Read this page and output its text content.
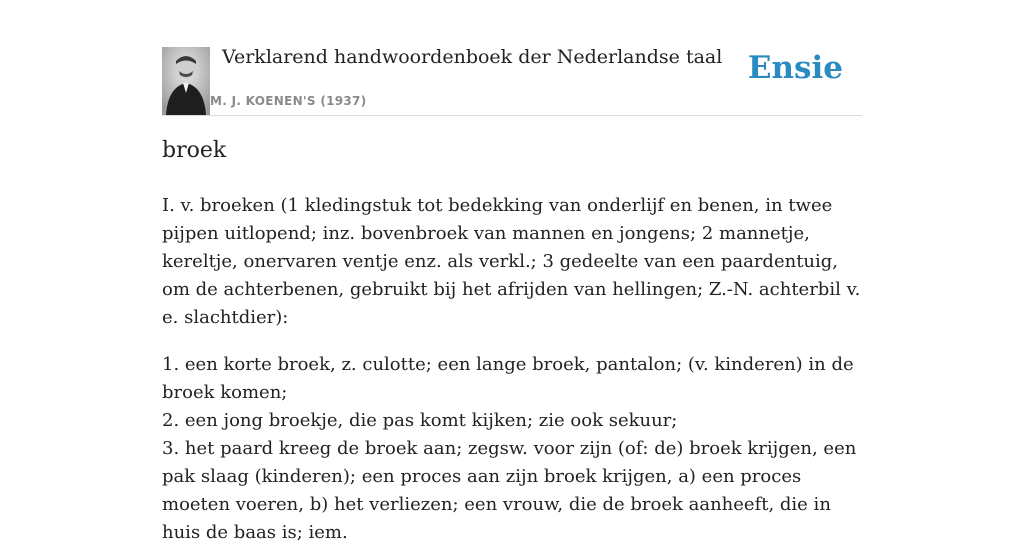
Verklarend handwoordenboek der Nederlandse taal
M. J. KOENEN'S (1937)
Ensie
broek

I. v. broeken (1 kledingstuk tot bedekking van onderlijf en benen, in twee pijpen uitlopend; inz. bovenbroek van mannen en jongens; 2 mannetje, kereltje, onervaren ventje enz. als verkl.; 3 gedeelte van een paardentuig, om de achterbenen, gebruikt bij het afrijden van hellingen; Z.-N. achterbil v. e. slachtdier):

1. een korte broek, z. culotte; een lange broek, pantalon; (v. kinderen) in de broek komen;
2. een jong broekje, die pas komt kijken; zie ook sekuur;
3. het paard kreeg de broek aan; zegsw. voor zijn (of: de) broek krijgen, een pak slaag (kinderen); een proces aan zijn broek krijgen, a) een proces moeten voeren, b) het verliezen; een vrouw, die de broek aanheeft, die in huis de baas is; iem.
